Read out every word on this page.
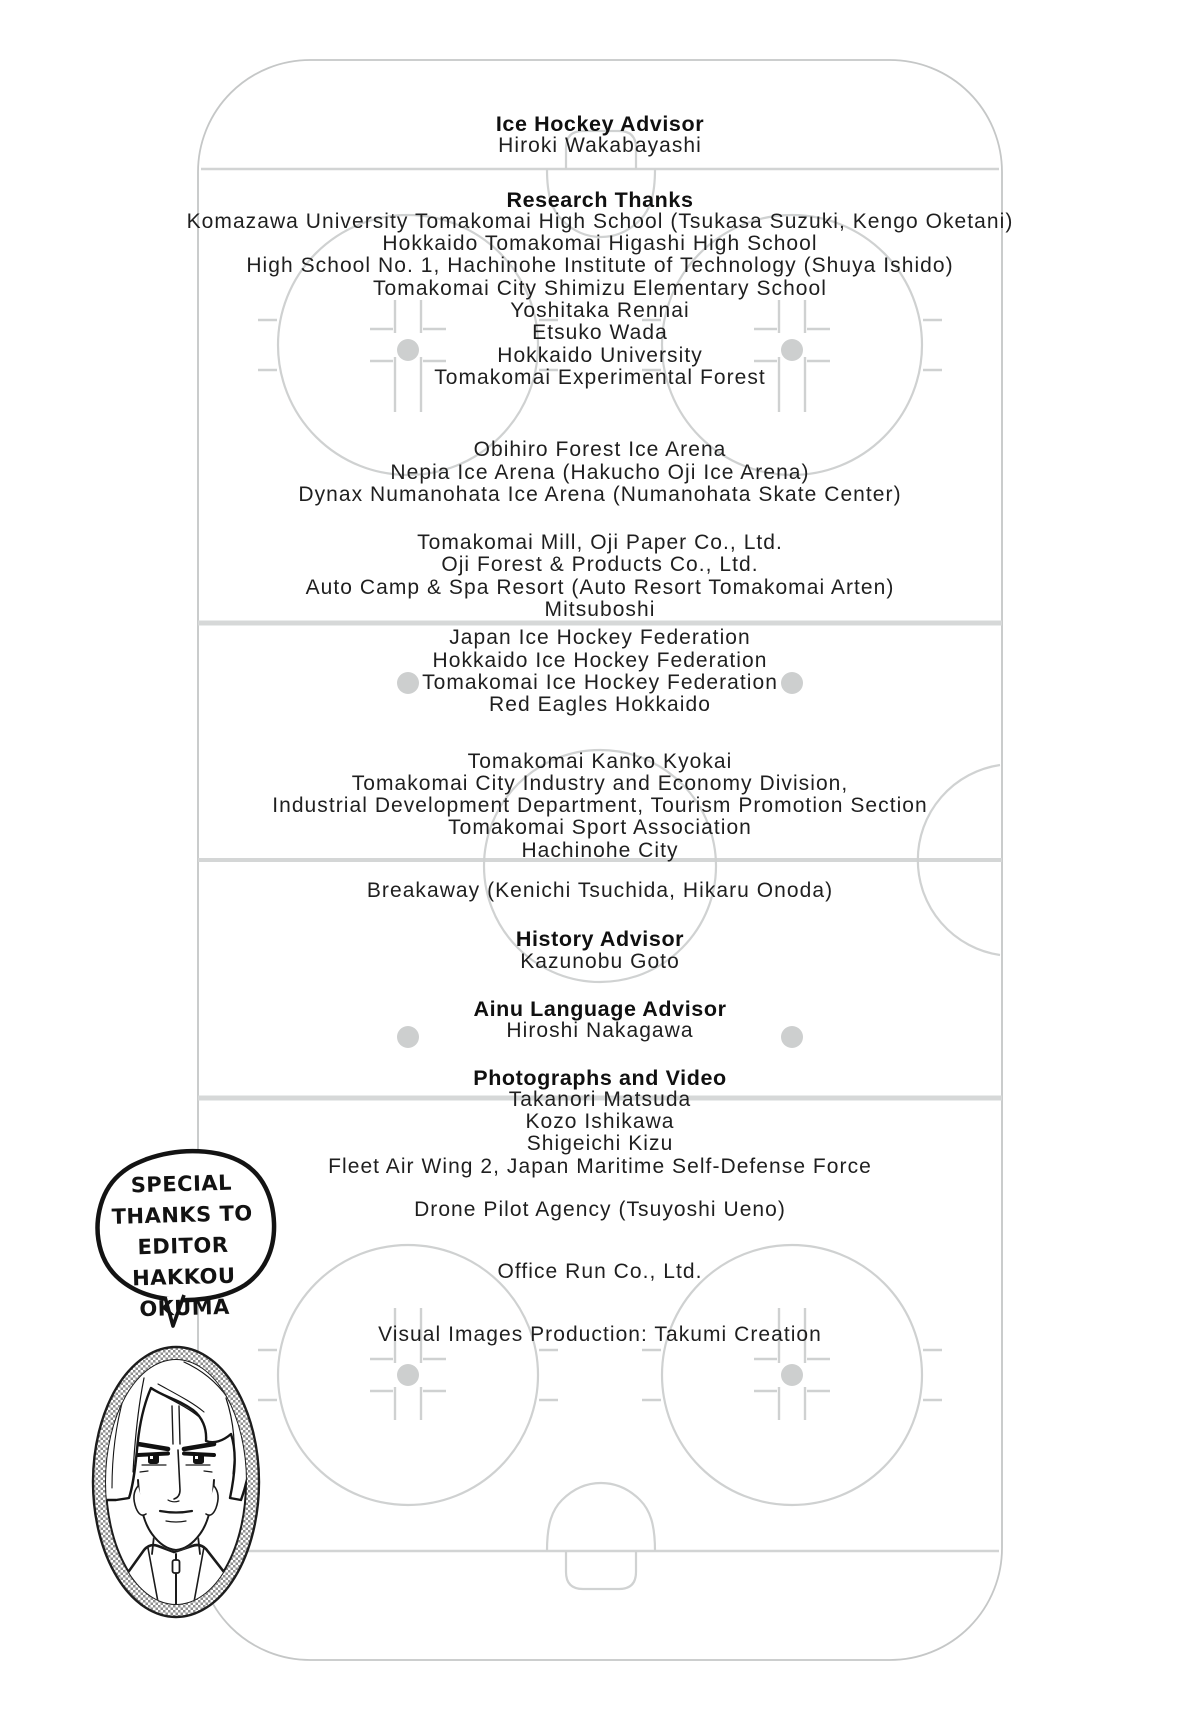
Ice Hockey Advisor
Hiroki Wakabayashi
Research Thanks
Komazawa University Tomakomai High School (Tsukasa Suzuki, Kengo Oketani)
Hokkaido Tomakomai Higashi High School
High School No. 1, Hachinohe Institute of Technology (Shuya Ishido)
Tomakomai City Shimizu Elementary School
Yoshitaka Rennai
Etsuko Wada
Hokkaido University
Tomakomai Experimental Forest
Obihiro Forest Ice Arena
Nepia Ice Arena (Hakucho Oji Ice Arena)
Dynax Numanohata Ice Arena (Numanohata Skate Center)
Tomakomai Mill, Oji Paper Co., Ltd.
Oji Forest & Products Co., Ltd.
Auto Camp & Spa Resort (Auto Resort Tomakomai Arten)
Mitsuboshi
Japan Ice Hockey Federation
Hokkaido Ice Hockey Federation
Tomakomai Ice Hockey Federation
Red Eagles Hokkaido
Tomakomai Kanko Kyokai
Tomakomai City Industry and Economy Division,
Industrial Development Department, Tourism Promotion Section
Tomakomai Sport Association
Hachinohe City
Breakaway (Kenichi Tsuchida, Hikaru Onoda)
History Advisor
Kazunobu Goto
Ainu Language Advisor
Hiroshi Nakagawa
Photographs and Video
Takanori Matsuda
Kozo Ishikawa
Shigeichi Kizu
Fleet Air Wing 2, Japan Maritime Self-Defense Force
Drone Pilot Agency (Tsuyoshi Ueno)
Office Run Co., Ltd.
Visual Images Production: Takumi Creation
SPECIAL
THANKS TO
EDITOR HAKKOU
OKUMA
